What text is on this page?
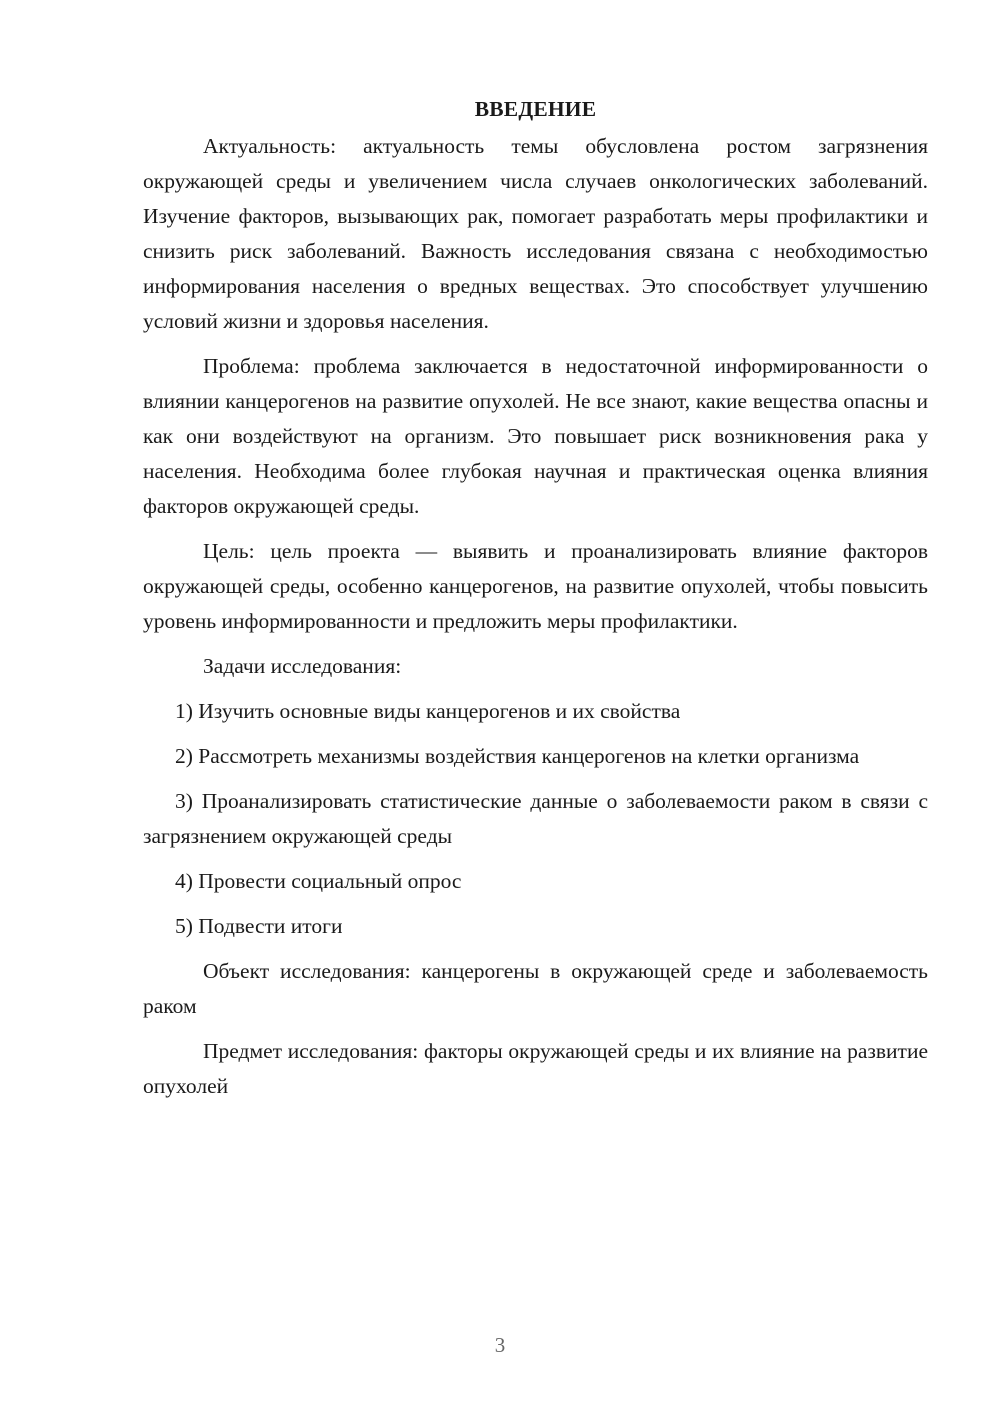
ВВЕДЕНИЕ

Актуальность: актуальность темы обусловлена ростом загрязнения окружающей среды и увеличением числа случаев онкологических заболеваний. Изучение факторов, вызывающих рак, помогает разработать меры профилактики и снизить риск заболеваний. Важность исследования связана с необходимостью информирования населения о вредных веществах. Это способствует улучшению условий жизни и здоровья населения.

Проблема: проблема заключается в недостаточной информированности о влиянии канцерогенов на развитие опухолей. Не все знают, какие вещества опасны и как они воздействуют на организм. Это повышает риск возникновения рака у населения. Необходима более глубокая научная и практическая оценка влияния факторов окружающей среды.

Цель: цель проекта — выявить и проанализировать влияние факторов окружающей среды, особенно канцерогенов, на развитие опухолей, чтобы повысить уровень информированности и предложить меры профилактики.

Задачи исследования:

1) Изучить основные виды канцерогенов и их свойства

2) Рассмотреть механизмы воздействия канцерогенов на клетки организма

3) Проанализировать статистические данные о заболеваемости раком в связи с загрязнением окружающей среды

4) Провести социальный опрос

5) Подвести итоги

Объект исследования: канцерогены в окружающей среде и заболеваемость раком

Предмет исследования: факторы окружающей среды и их влияние на развитие опухолей

3
